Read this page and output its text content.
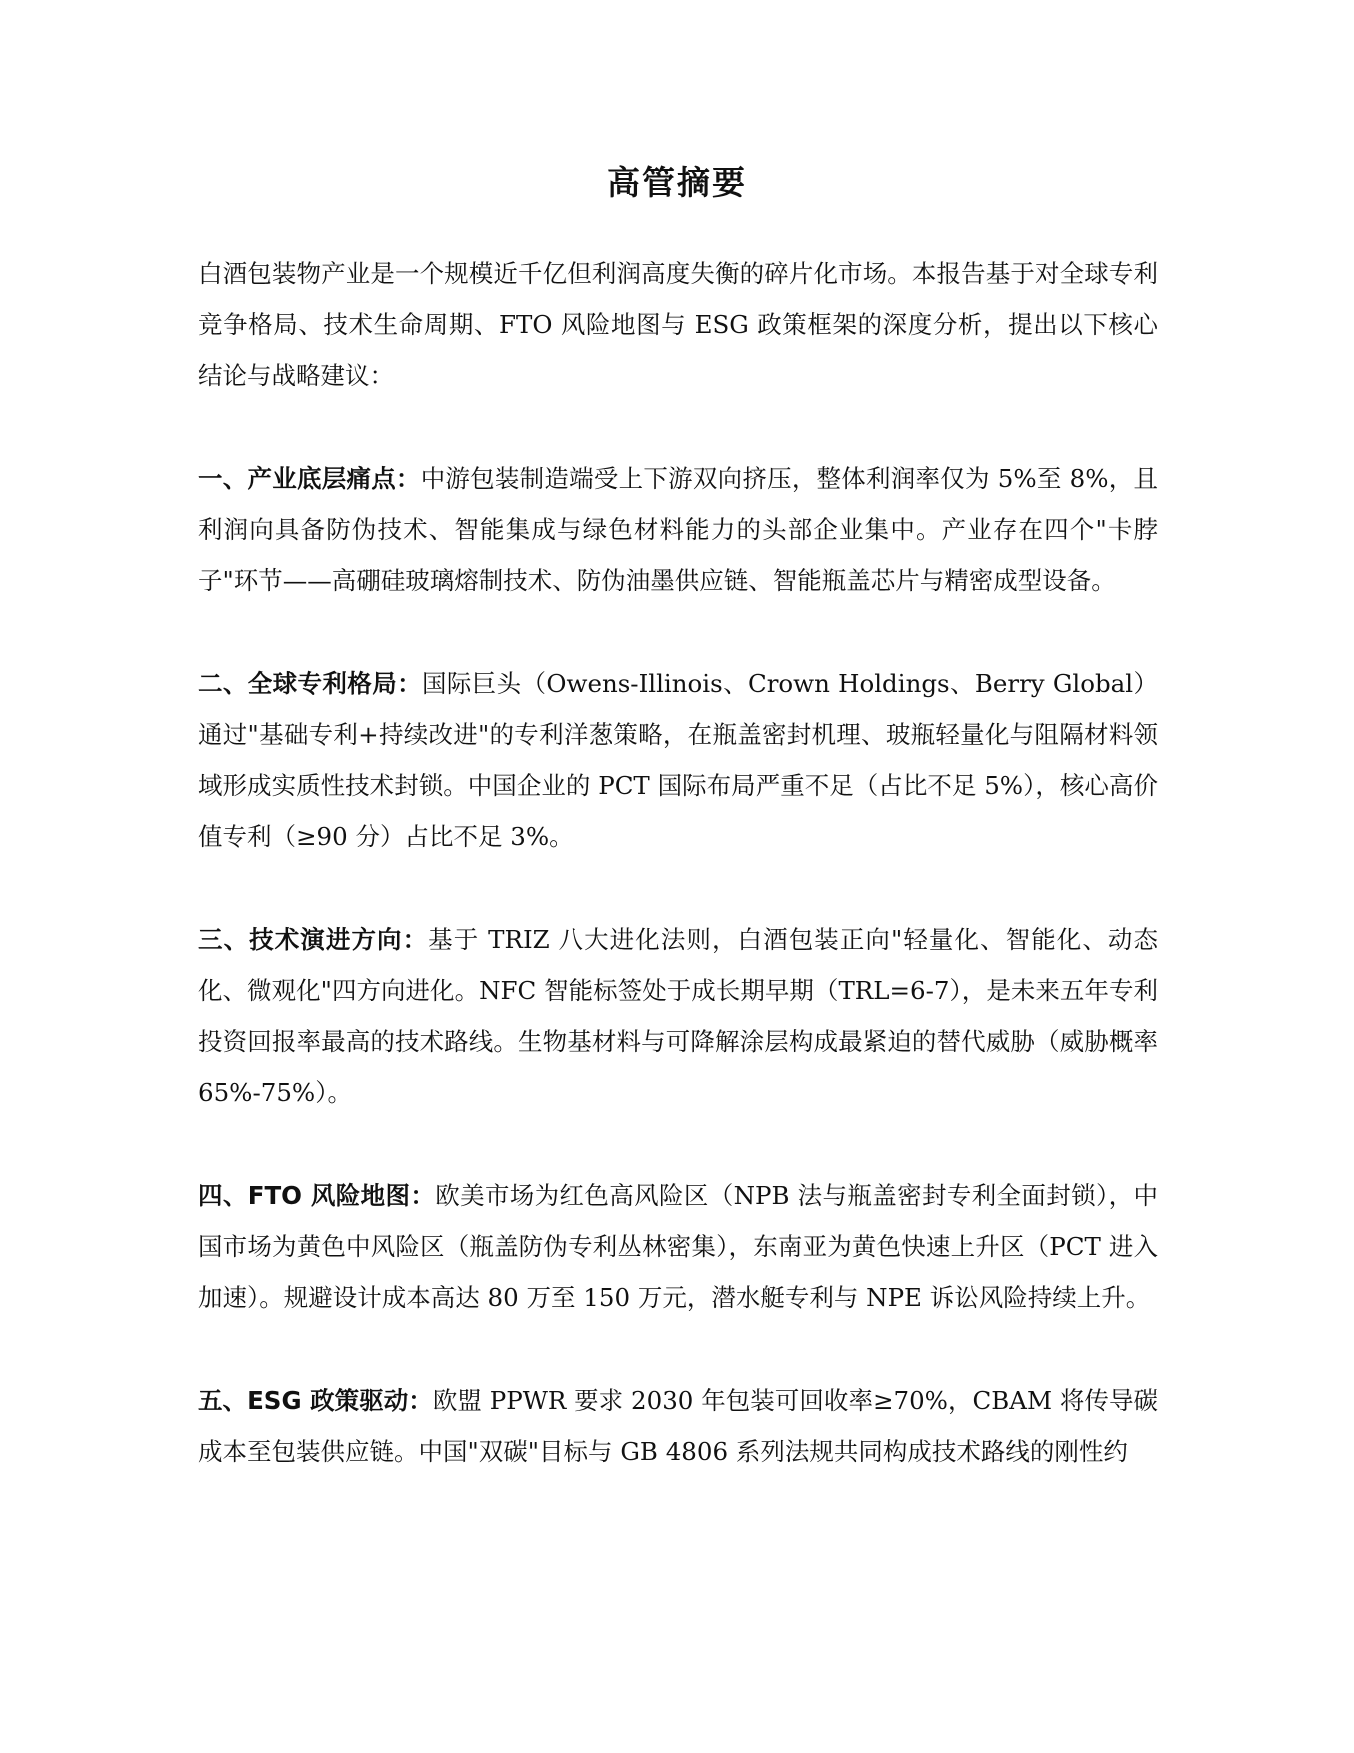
高管摘要

白酒包装物产业是一个规模近千亿但利润高度失衡的碎片化市场。本报告基于对全球专利竞争格局、技术生命周期、FTO 风险地图与 ESG 政策框架的深度分析，提出以下核心结论与战略建议：

一、产业底层痛点：中游包装制造端受上下游双向挤压，整体利润率仅为 5%至 8%，且利润向具备防伪技术、智能集成与绿色材料能力的头部企业集中。产业存在四个"卡脖子"环节——高硼硅玻璃熔制技术、防伪油墨供应链、智能瓶盖芯片与精密成型设备。

二、全球专利格局：国际巨头（Owens-Illinois、Crown Holdings、Berry Global）通过"基础专利+持续改进"的专利洋葱策略，在瓶盖密封机理、玻瓶轻量化与阻隔材料领域形成实质性技术封锁。中国企业的 PCT 国际布局严重不足（占比不足 5%），核心高价值专利（≥90 分）占比不足 3%。

三、技术演进方向：基于 TRIZ 八大进化法则，白酒包装正向"轻量化、智能化、动态化、微观化"四方向进化。NFC 智能标签处于成长期早期（TRL=6-7），是未来五年专利投资回报率最高的技术路线。生物基材料与可降解涂层构成最紧迫的替代威胁（威胁概率 65%-75%）。

四、FTO 风险地图：欧美市场为红色高风险区（NPB 法与瓶盖密封专利全面封锁），中国市场为黄色中风险区（瓶盖防伪专利丛林密集），东南亚为黄色快速上升区（PCT 进入加速）。规避设计成本高达 80 万至 150 万元，潜水艇专利与 NPE 诉讼风险持续上升。

五、ESG 政策驱动：欧盟 PPWR 要求 2030 年包装可回收率≥70%，CBAM 将传导碳成本至包装供应链。中国"双碳"目标与 GB 4806 系列法规共同构成技术路线的刚性约
